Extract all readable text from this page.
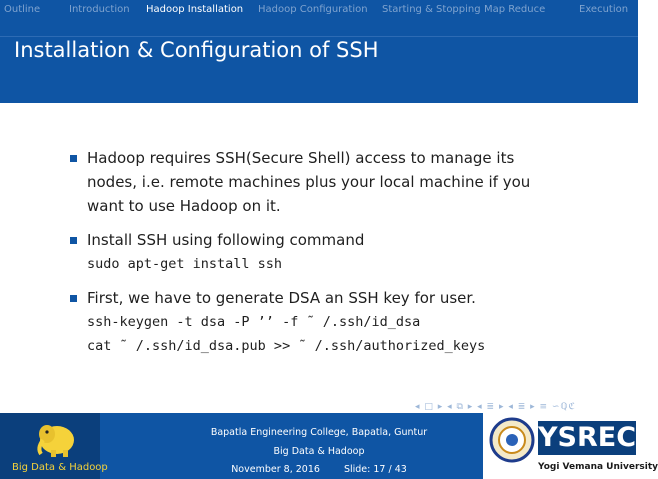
Outline	Introduction Hadoop Installation Hadoop Configuration Starting & Stopping Map Reduce	Execution
Installation & Configuration of SSH
Hadoop requires SSH(Secure Shell) access to manage its
nodes, i.e. remote machines plus your local machine if you
want to use Hadoop on it.
Install SSH using following command
sudo apt-get install ssh
First, we have to generate DSA an SSH key for user.
ssh-keygen -t dsa -P ’’ -f ˜ /.ssh/id_dsa
cat ˜ /.ssh/id_dsa.pub >> ˜ /.ssh/authorized_keys
◂ □ ▸ ◂ ⧉ ▸ ◂ ≣ ▸ ◂ ≣ ▸ ≡ ∽ℚℭ
Big Data & Hadoop
Bapatla Engineering College, Bapatla, Guntur
Big Data & Hadoop
November 8, 2016	Slide: 17 / 43
YSREC
Yogi Vemana University
